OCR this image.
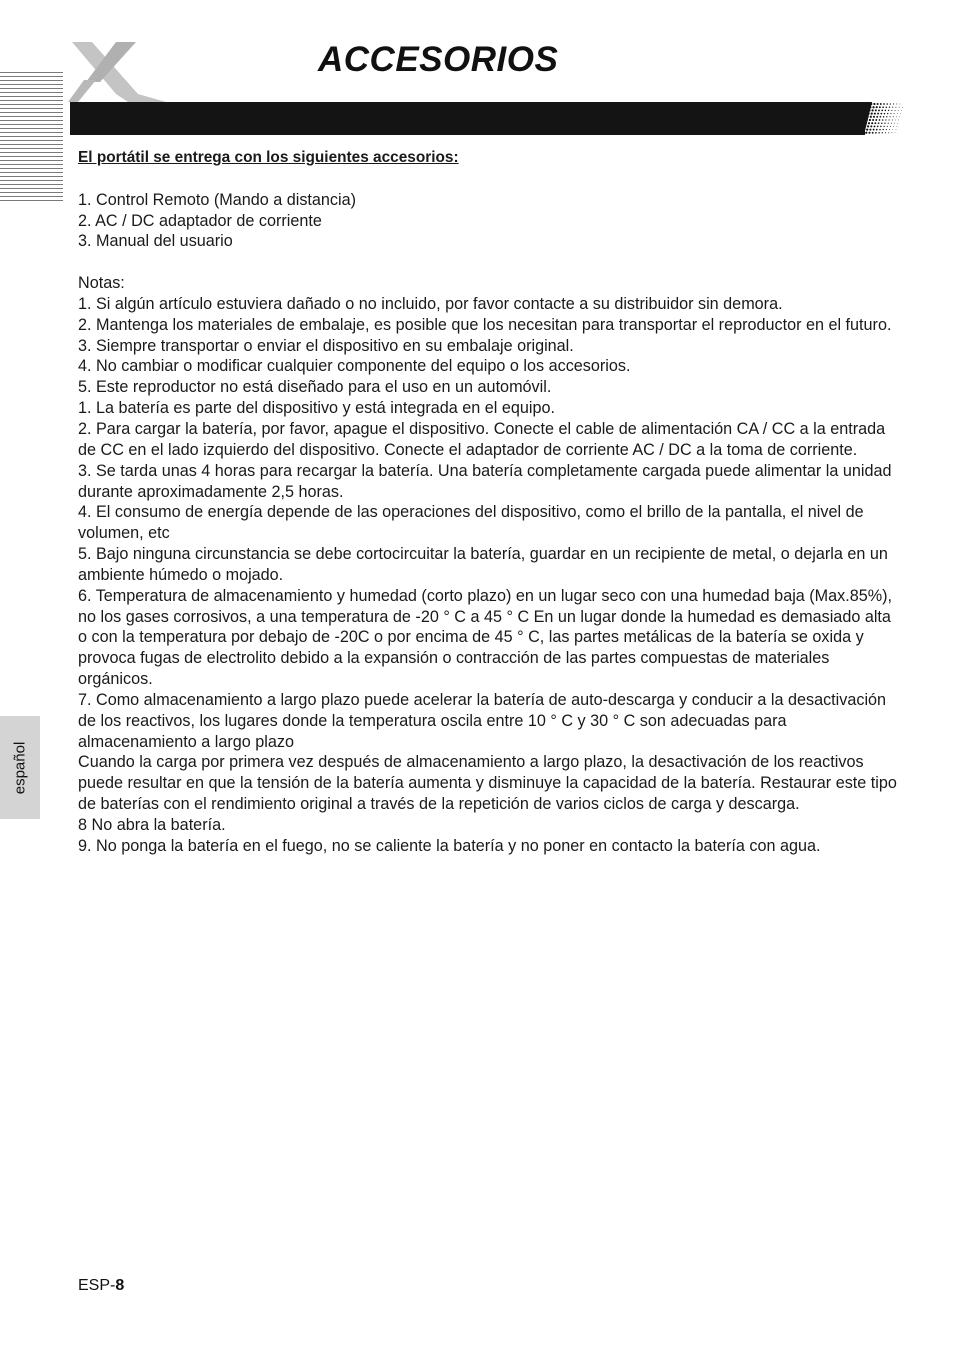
ACCESORIOS

El portátil se entrega con los siguientes accesorios:

1. Control Remoto (Mando a distancia)

2. AC / DC adaptador de corriente

3. Manual del usuario

Notas:

1. Si algún artículo estuviera dañado o no incluido, por favor contacte a su distribuidor sin demora.

2. Mantenga los materiales de embalaje, es posible que los necesitan para transportar el reproductor en el futuro.

3. Siempre transportar o enviar el dispositivo en su embalaje original.

4. No cambiar o modificar cualquier componente del equipo o los accesorios.

5. Este reproductor no está diseñado para el uso en un automóvil.

1. La batería es parte del dispositivo y está integrada en el equipo.

2. Para cargar la batería, por favor, apague el dispositivo. Conecte el cable de alimentación CA / CC a la entrada de CC en el lado izquierdo del dispositivo. Conecte el adaptador de corriente AC / DC a la toma de corriente.

3. Se tarda unas 4 horas para recargar la batería. Una batería completamente cargada puede alimentar la unidad durante aproximadamente 2,5 horas.

4. El consumo de energía depende de las operaciones del dispositivo, como el brillo de la pantalla, el nivel de volumen, etc

5. Bajo ninguna circunstancia se debe cortocircuitar la batería, guardar en un recipiente de metal, o dejarla en un ambiente húmedo o mojado.

6. Temperatura de almacenamiento y humedad (corto plazo) en un lugar seco con una humedad baja (Max.85%), no los gases corrosivos, a una temperatura de -20 ° C a 45 ° C En un lugar donde la humedad es demasiado alta o con la temperatura por debajo de -20C o por encima de 45 ° C, las partes metálicas de la batería se oxida y provoca fugas de electrolito debido a la expansión o contracción de las partes compuestas de materiales orgánicos.

7. Como almacenamiento a largo plazo puede acelerar la batería de auto-descarga y conducir a la desactivación de los reactivos, los lugares donde la temperatura oscila entre 10 ° C y 30 ° C son adecuadas para almacenamiento a largo plazo

Cuando la carga por primera vez después de almacenamiento a largo plazo, la desactivación de los reactivos puede resultar en que la tensión de la batería aumenta y disminuye la capacidad de la batería. Restaurar este tipo de baterías con el rendimiento original a través de la repetición de varios ciclos de carga y descarga.

8 No abra la batería.

9. No ponga la batería en el fuego, no se caliente la batería y no poner en contacto la batería con agua.

español
ESP-8
